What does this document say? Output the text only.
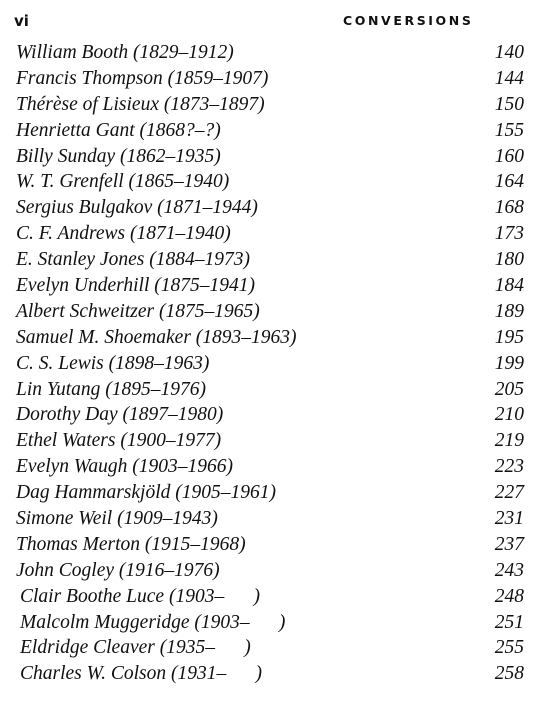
vi	CONVERSIONS
William Booth (1829–1912)	140
Francis Thompson (1859–1907)	144
Thérèse of Lisieux (1873–1897)	150
Henrietta Gant (1868?–?)	155
Billy Sunday (1862–1935)	160
W. T. Grenfell (1865–1940)	164
Sergius Bulgakov (1871–1944)	168
C. F. Andrews (1871–1940)	173
E. Stanley Jones (1884–1973)	180
Evelyn Underhill (1875–1941)	184
Albert Schweitzer (1875–1965)	189
Samuel M. Shoemaker (1893–1963)	195
C. S. Lewis (1898–1963)	199
Lin Yutang (1895–1976)	205
Dorothy Day (1897–1980)	210
Ethel Waters (1900–1977)	219
Evelyn Waugh (1903–1966)	223
Dag Hammarskjöld (1905–1961)	227
Simone Weil (1909–1943)	231
Thomas Merton (1915–1968)	237
John Cogley (1916–1976)	243
Clair Boothe Luce (1903–      )	248
Malcolm Muggeridge (1903–      )	251
Eldridge Cleaver (1935–      )	255
Charles W. Colson (1931–      )	258
